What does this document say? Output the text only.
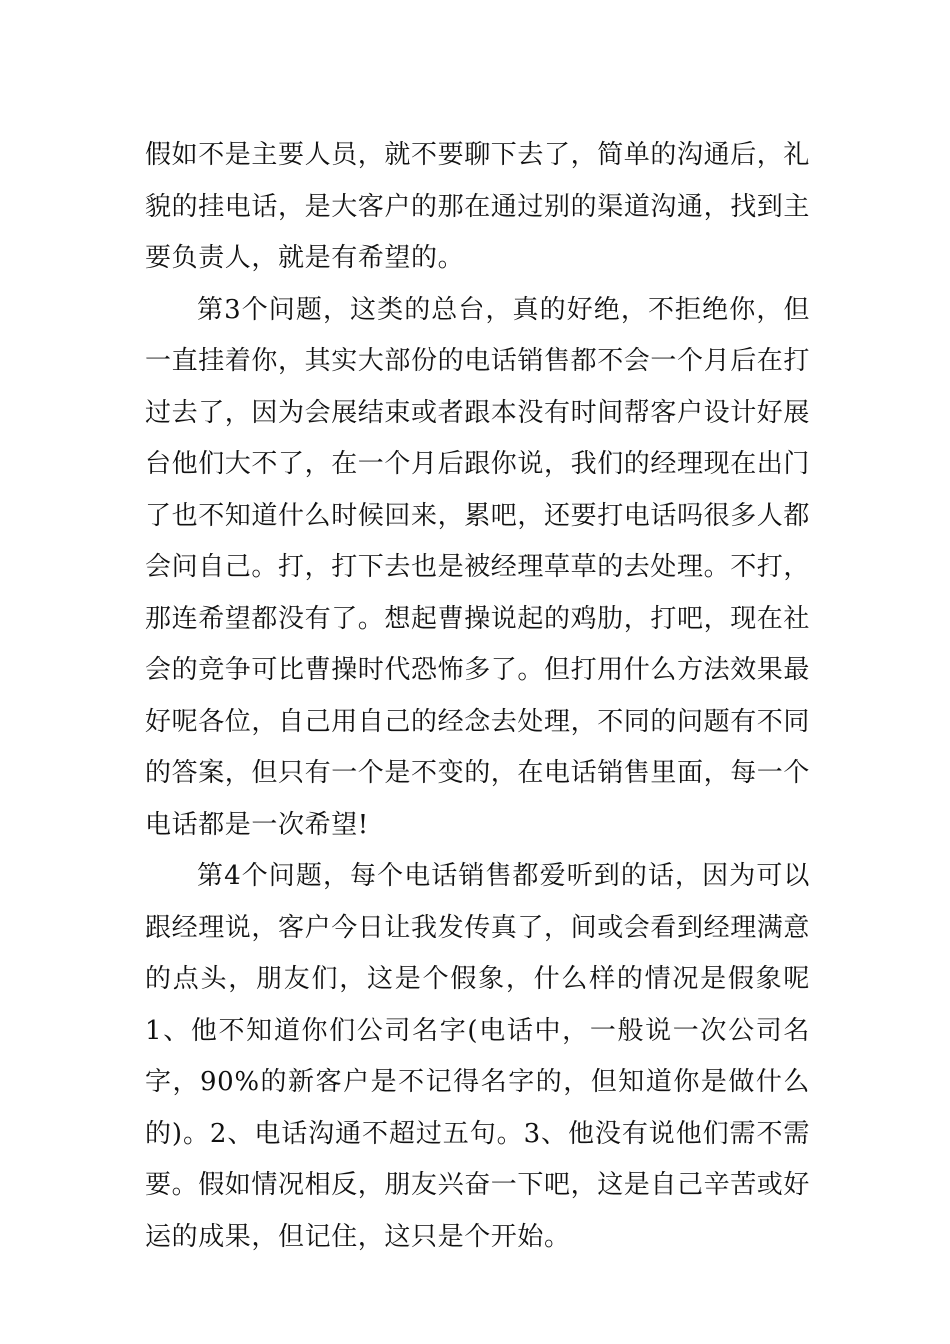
假如不是主要人员，就不要聊下去了，简单的沟通后，礼貌的挂电话，是大客户的那在通过别的渠道沟通，找到主要负责人，就是有希望的。

第3个问题，这类的总台，真的好绝，不拒绝你，但一直挂着你，其实大部份的电话销售都不会一个月后在打过去了，因为会展结束或者跟本没有时间帮客户设计好展台他们大不了，在一个月后跟你说，我们的经理现在出门了也不知道什么时候回来，累吧，还要打电话吗很多人都会问自己。打，打下去也是被经理草草的去处理。不打，那连希望都没有了。想起曹操说起的鸡肋，打吧，现在社会的竞争可比曹操时代恐怖多了。但打用什么方法效果最好呢各位，自己用自己的经念去处理，不同的问题有不同的答案，但只有一个是不变的，在电话销售里面，每一个电话都是一次希望!

第4个问题，每个电话销售都爱听到的话，因为可以跟经理说，客户今日让我发传真了，间或会看到经理满意的点头，朋友们，这是个假象，什么样的情况是假象呢1、他不知道你们公司名字(电话中，一般说一次公司名字，90%的新客户是不记得名字的，但知道你是做什么的)。2、电话沟通不超过五句。3、他没有说他们需不需要。假如情况相反，朋友兴奋一下吧，这是自己辛苦或好运的成果，但记住，这只是个开始。
